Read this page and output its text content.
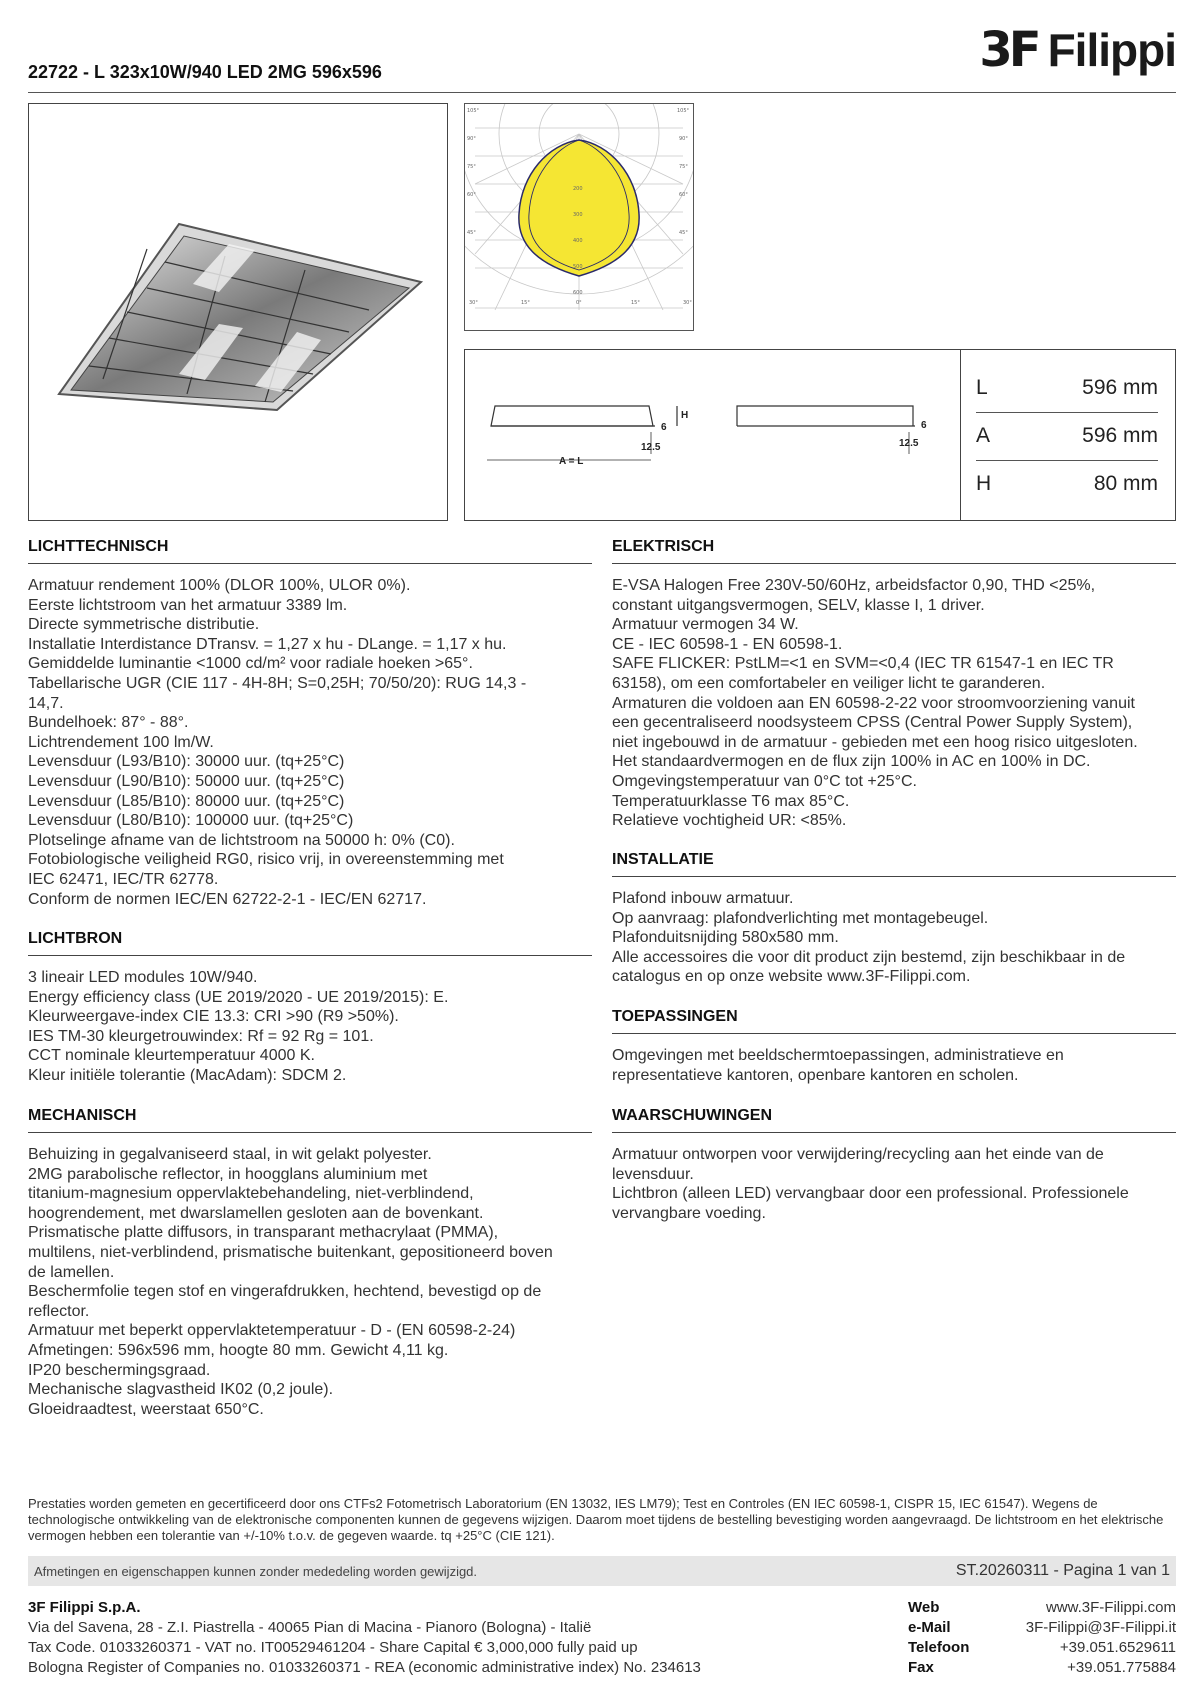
3F Filippi
22722 - L 323x10W/940 LED 2MG 596x596
105°
90°
75°
60°
45°
105°
90°
75°
60°
45°
30°	15°	0°	15°	30°
200
300
400
500
600
H
6	6
12.5	12.5
A = L
L	596 mm
A	596 mm
H	80 mm
LICHTTECHNISCH
Armatuur rendement 100% (DLOR 100%, ULOR 0%).
Eerste lichtstroom van het armatuur 3389 lm.
Directe symmetrische distributie.
Installatie Interdistance DTransv. = 1,27 x hu - DLange. = 1,17 x hu.
Gemiddelde luminantie <1000 cd/m² voor radiale hoeken >65°.
Tabellarische UGR (CIE 117 - 4H-8H; S=0,25H; 70/50/20): RUG 14,3 -
14,7.
Bundelhoek: 87° - 88°.
Lichtrendement 100 lm/W.
Levensduur (L93/B10): 30000 uur. (tq+25°C)
Levensduur (L90/B10): 50000 uur. (tq+25°C)
Levensduur (L85/B10): 80000 uur. (tq+25°C)
Levensduur (L80/B10): 100000 uur. (tq+25°C)
Plotselinge afname van de lichtstroom na 50000 h: 0% (C0).
Fotobiologische veiligheid RG0, risico vrij, in overeenstemming met
IEC 62471, IEC/TR 62778.
Conform de normen IEC/EN 62722-2-1 - IEC/EN 62717.
LICHTBRON
3 lineair LED modules 10W/940.
Energy efficiency class (UE 2019/2020 - UE 2019/2015): E.
Kleurweergave-index CIE 13.3: CRI >90 (R9 >50%).
IES TM-30 kleurgetrouwindex: Rf = 92 Rg = 101.
CCT nominale kleurtemperatuur 4000 K.
Kleur initiële tolerantie (MacAdam): SDCM 2.
MECHANISCH
Behuizing in gegalvaniseerd staal, in wit gelakt polyester.
2MG parabolische reflector, in hoogglans aluminium met
titanium-magnesium oppervlaktebehandeling, niet-verblindend,
hoogrendement, met dwarslamellen gesloten aan de bovenkant.
Prismatische platte diffusors, in transparant methacrylaat (PMMA),
multilens, niet-verblindend, prismatische buitenkant, gepositioneerd boven
de lamellen.
Beschermfolie tegen stof en vingerafdrukken, hechtend, bevestigd op de
reflector.
Armatuur met beperkt oppervlaktetemperatuur - D - (EN 60598-2-24)
Afmetingen: 596x596 mm, hoogte 80 mm. Gewicht 4,11 kg.
IP20 beschermingsgraad.
Mechanische slagvastheid IK02 (0,2 joule).
Gloeidraadtest, weerstaat 650°C.
ELEKTRISCH
E-VSA Halogen Free 230V-50/60Hz, arbeidsfactor 0,90, THD <25%,
constant uitgangsvermogen, SELV, klasse I, 1 driver.
Armatuur vermogen 34 W.
CE - IEC 60598-1 - EN 60598-1.
SAFE FLICKER: PstLM=<1 en SVM=<0,4 (IEC TR 61547-1 en IEC TR
63158), om een comfortabeler en veiliger licht te garanderen.
Armaturen die voldoen aan EN 60598-2-22 voor stroomvoorziening vanuit
een gecentraliseerd noodsysteem CPSS (Central Power Supply System),
niet ingebouwd in de armatuur - gebieden met een hoog risico uitgesloten.
Het standaardvermogen en de flux zijn 100% in AC en 100% in DC.
Omgevingstemperatuur van 0°C tot +25°C.
Temperatuurklasse T6 max 85°C.
Relatieve vochtigheid UR: <85%.
INSTALLATIE
Plafond inbouw armatuur.
Op aanvraag: plafondverlichting met montagebeugel.
Plafonduitsnijding 580x580 mm.
Alle accessoires die voor dit product zijn bestemd, zijn beschikbaar in de
catalogus en op onze website www.3F-Filippi.com.
TOEPASSINGEN
Omgevingen met beeldschermtoepassingen, administratieve en
representatieve kantoren, openbare kantoren en scholen.
WAARSCHUWINGEN
Armatuur ontworpen voor verwijdering/recycling aan het einde van de
levensduur.
Lichtbron (alleen LED) vervangbaar door een professional. Professionele
vervangbare voeding.
Prestaties worden gemeten en gecertificeerd door ons CTFs2 Fotometrisch Laboratorium (EN 13032, IES LM79); Test en Controles (EN IEC 60598-1, CISPR 15, IEC 61547). Wegens de technologische ontwikkeling van de elektronische componenten kunnen de gegevens wijzigen. Daarom moet tijdens de bestelling bevestiging worden aangevraagd. De lichtstroom en het elektrische vermogen hebben een tolerantie van +/-10% t.o.v. de gegeven waarde. tq +25°C (CIE 121).
Afmetingen en eigenschappen kunnen zonder mededeling worden gewijzigd.	ST.20260311 - Pagina 1 van 1
3F Filippi S.p.A.
Via del Savena, 28 - Z.I. Piastrella - 40065 Pian di Macina - Pianoro (Bologna) - Italië
Tax Code. 01033260371 - VAT no. IT00529461204 - Share Capital € 3,000,000 fully paid up
Bologna Register of Companies no. 01033260371 - REA (economic administrative index) No. 234613
Web	www.3F-Filippi.com
e-Mail	3F-Filippi@3F-Filippi.it
Telefoon	+39.051.6529611
Fax	+39.051.775884
